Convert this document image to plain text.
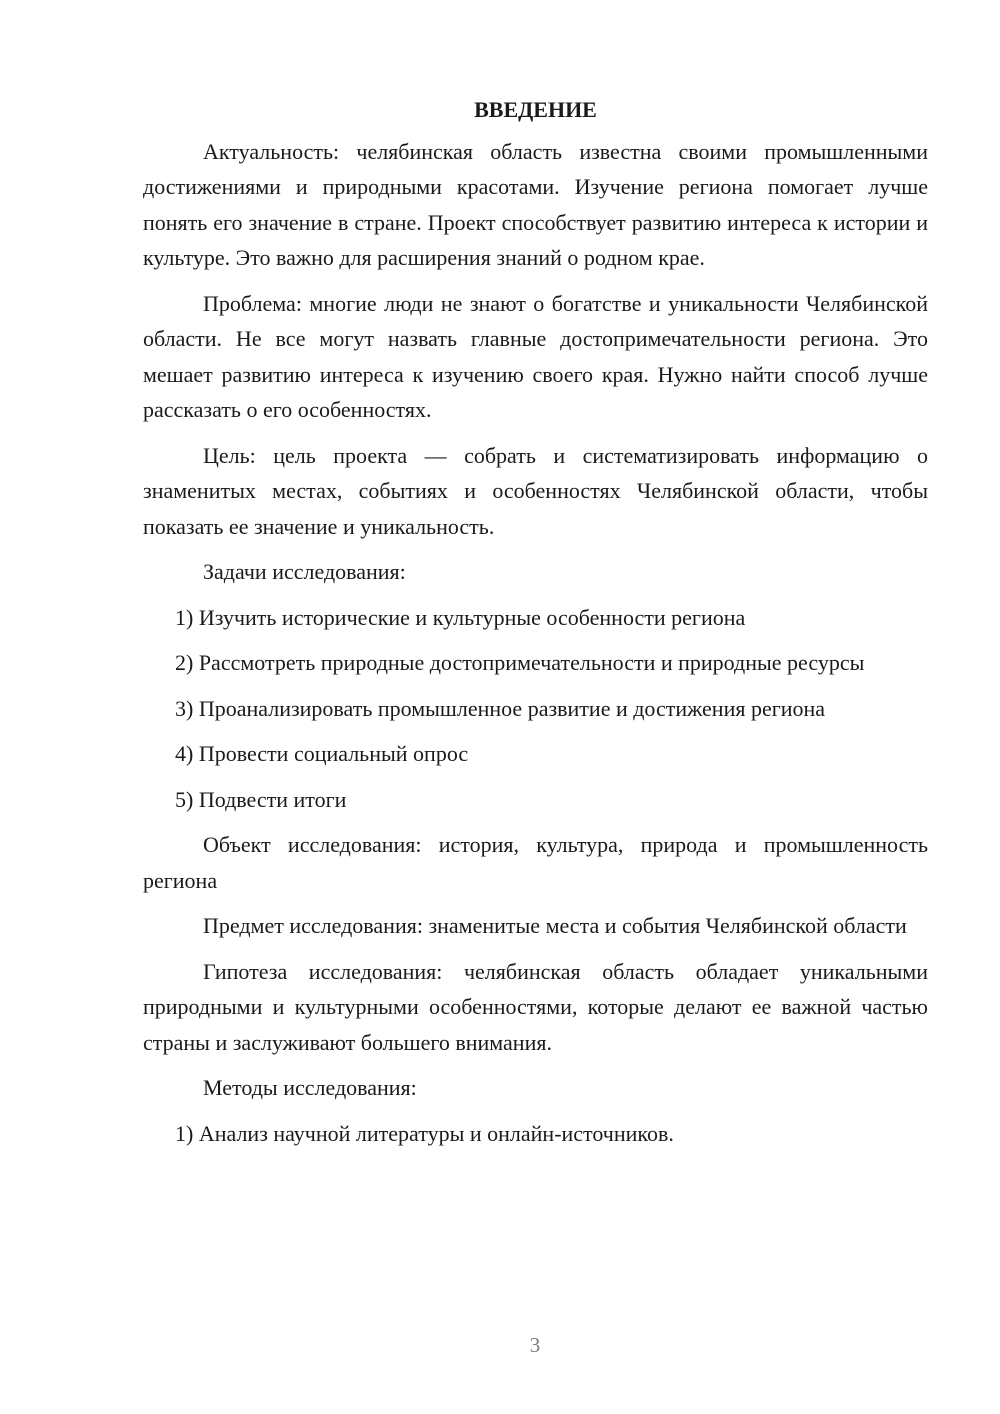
ВВЕДЕНИЕ

Актуальность: челябинская область известна своими промышленными достижениями и природными красотами. Изучение региона помогает лучше понять его значение в стране. Проект способствует развитию интереса к истории и культуре. Это важно для расширения знаний о родном крае.

Проблема: многие люди не знают о богатстве и уникальности Челябинской области. Не все могут назвать главные достопримечательности региона. Это мешает развитию интереса к изучению своего края. Нужно найти способ лучше рассказать о его особенностях.

Цель: цель проекта — собрать и систематизировать информацию о знаменитых местах, событиях и особенностях Челябинской области, чтобы показать ее значение и уникальность.

Задачи исследования:

1) Изучить исторические и культурные особенности региона

2) Рассмотреть природные достопримечательности и природные ресурсы

3) Проанализировать промышленное развитие и достижения региона

4) Провести социальный опрос

5) Подвести итоги

Объект исследования: история, культура, природа и промышленность региона

Предмет исследования: знаменитые места и события Челябинской области

Гипотеза исследования: челябинская область обладает уникальными природными и культурными особенностями, которые делают ее важной частью страны и заслуживают большего внимания.

Методы исследования:

1) Анализ научной литературы и онлайн-источников.

3
